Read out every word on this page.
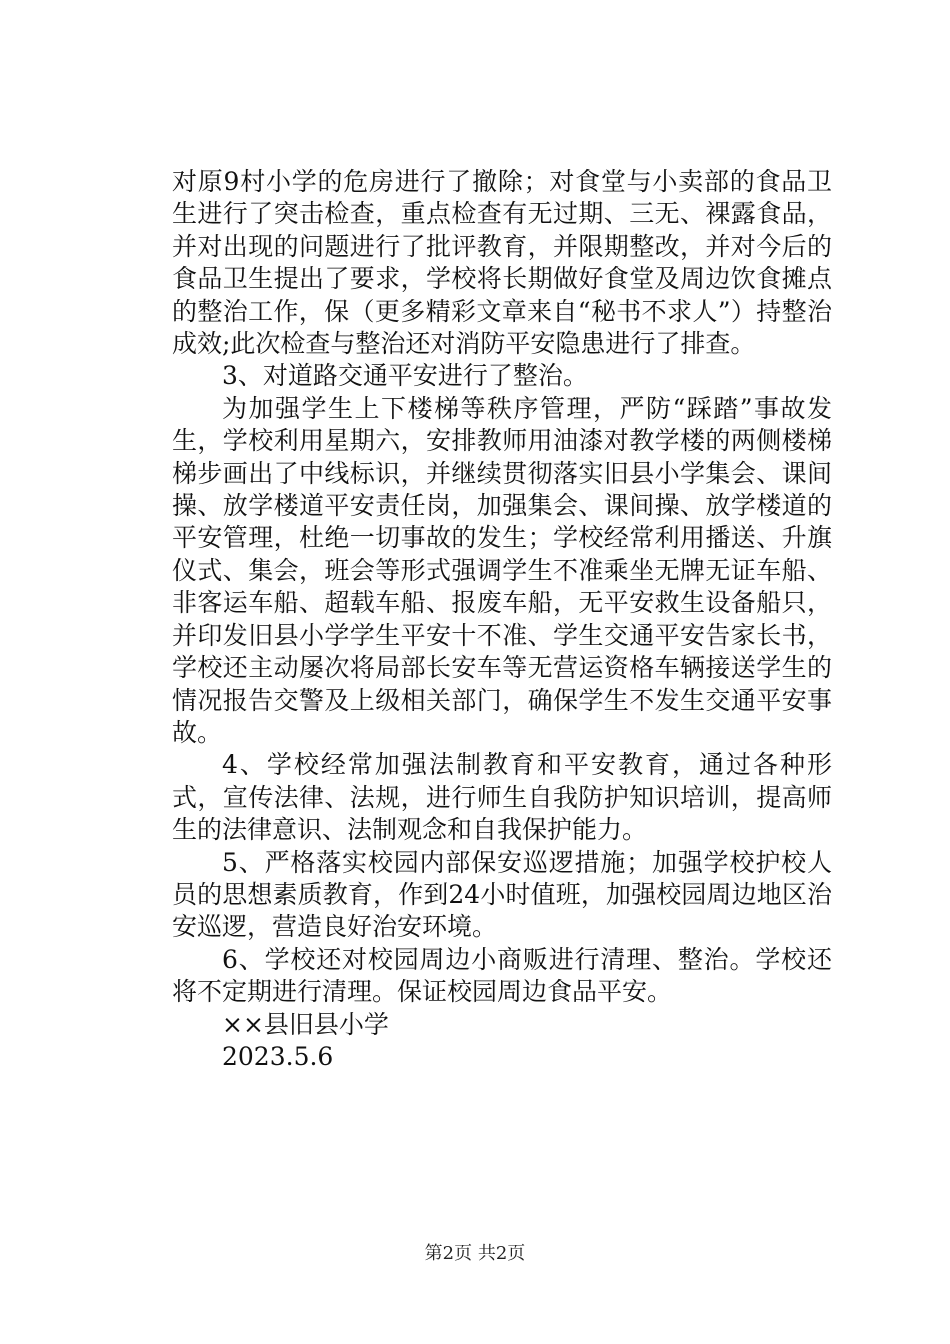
对原9村小学的危房进行了撤除；对食堂与小卖部的食品卫生进行了突击检查，重点检查有无过期、三无、裸露食品，并对出现的问题进行了批评教育，并限期整改，并对今后的食品卫生提出了要求，学校将长期做好食堂及周边饮食摊点的整治工作，保（更多精彩文章来自“秘书不求人”）持整治成效;此次检查与整治还对消防平安隐患进行了排查。

3、对道路交通平安进行了整治。

为加强学生上下楼梯等秩序管理，严防“踩踏”事故发生，学校利用星期六，安排教师用油漆对教学楼的两侧楼梯梯步画出了中线标识，并继续贯彻落实旧县小学集会、课间操、放学楼道平安责任岗，加强集会、课间操、放学楼道的平安管理，杜绝一切事故的发生；学校经常利用播送、升旗仪式、集会，班会等形式强调学生不准乘坐无牌无证车船、非客运车船、超载车船、报废车船，无平安救生设备船只，并印发旧县小学学生平安十不准、学生交通平安告家长书，学校还主动屡次将局部长安车等无营运资格车辆接送学生的情况报告交警及上级相关部门，确保学生不发生交通平安事故。

4、学校经常加强法制教育和平安教育，通过各种形式，宣传法律、法规，进行师生自我防护知识培训，提高师生的法律意识、法制观念和自我保护能力。

5、严格落实校园内部保安巡逻措施；加强学校护校人员的思想素质教育，作到24小时值班，加强校园周边地区治安巡逻，营造良好治安环境。

6、学校还对校园周边小商贩进行清理、整治。学校还将不定期进行清理。保证校园周边食品平安。

××县旧县小学

2023.5.6

第2页 共2页
